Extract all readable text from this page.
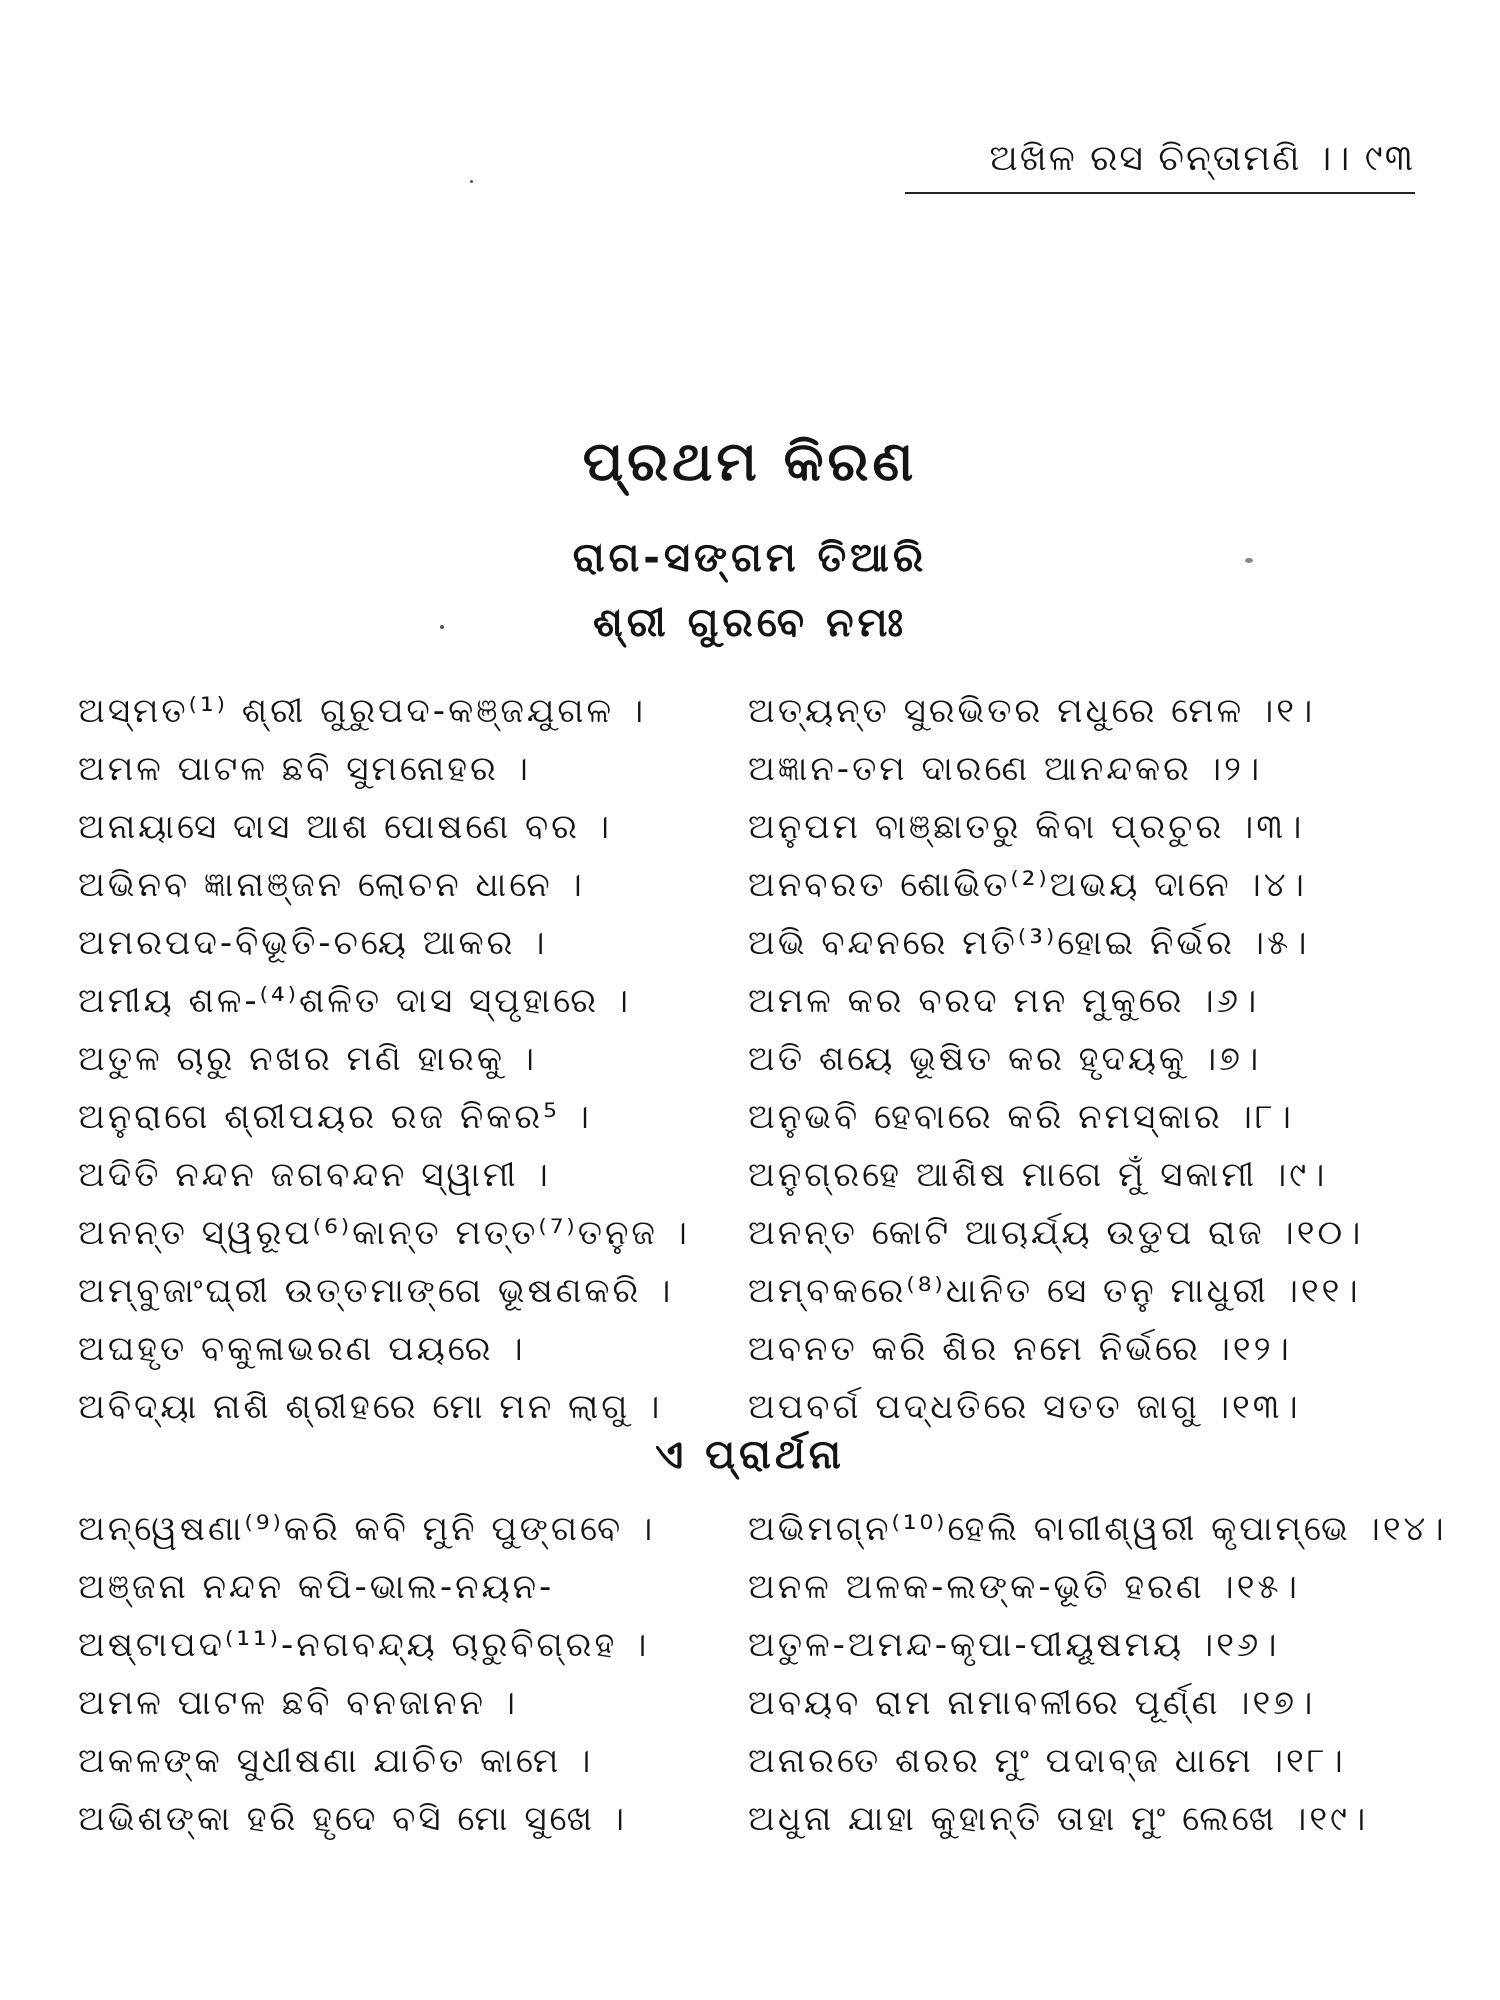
ଅଖିଳ ରସ ଚିନ୍ତାମଣି ।। ୯୩
ପ୍ରଥମ କିରଣ
ରାଗ-ସଙ୍ଗମ ତିଆରି
ଶ୍ରୀ ଗୁରବେ ନମଃ
ଅସ୍ମତ⁽¹⁾ ଶ୍ରୀ ଗୁରୁପଦ-କଞ୍ଜଯୁଗଳ ।	ଅତ୍ୟନ୍ତ ସୁରଭିତର ମଧୁରେ ମେଳ ।୧।
ଅମଳ ପାଟଳ ଛବି ସୁମନୋହର ।	ଅଜ୍ଞାନ-ତମ ଦାରଣେ ଆନନ୍ଦକର ।୨।
ଅନାୟାସେ ଦାସ ଆଶ ପୋଷଣେ ବର ।	ଅନୁପମ ବାଞ୍ଛାତରୁ କିବା ପ୍ରଚୁର ।୩।
ଅଭିନବ ଜ୍ଞାନାଞ୍ଜନ ଲୋଚନ ଧାନେ ।	ଅନବରତ ଶୋଭିତ⁽²⁾ଅଭୟ ଦାନେ ।୪।
ଅମରପଦ-ବିଭୂତି-ଚୟେ ଆକର ।	ଅଭି ବନ୍ଦନରେ ମତି⁽³⁾ହୋଇ ନିର୍ଭର ।୫।
ଅମୀୟ ଶଳ-⁽⁴⁾ଶଳିତ ଦାସ ସ୍ପୃହାରେ ।	ଅମଳ କର ବରଦ ମନ ମୁକୁରେ ।୬।
ଅତୁଳ ଚାରୁ ନଖର ମଣି ହାରକୁ ।	ଅତି ଶୟେ ଭୂଷିତ କର ହୃଦୟକୁ ।୭।
ଅନୁରାଗେ ଶ୍ରୀପୟର ରଜ ନିକର⁵ ।	ଅନୁଭବି ହେବାରେ କରି ନମସ୍କାର ।୮।
ଅଦିତି ନନ୍ଦନ ଜଗବନ୍ଦନ ସ୍ୱାମୀ ।	ଅନୁଗ୍ରହେ ଆଶିଷ ମାଗେ ମୁଁ ସକାମୀ ।୯।
ଅନନ୍ତ ସ୍ୱରୂପ⁽⁶⁾କାନ୍ତ ମତ୍ତ⁽⁷⁾ତନୁଜ । ଅନନ୍ତ କୋଟି ଆଚାର୍ଯ୍ୟ ଉଡୁପ ରାଜ ।୧୦।
ଅମ୍ବୁଜାଂଘ୍ରୀ ଉତ୍ତମାଙ୍ଗେ ଭୂଷଣକରି । ଅମ୍ବକରେ⁽⁸⁾ଧାନିତ ସେ ତନୁ ମାଧୁରୀ ।୧୧।
ଅଘହୃତ ବକୁଳାଭରଣ ପୟରେ ।	ଅବନତ କରି ଶିର ନମେ ନିର୍ଭରେ ।୧୨।
ଅବିଦ୍ୟା ନାଶି ଶ୍ରୀହରେ ମୋ ମନ ଲାଗୁ ।	ଅପବର୍ଗ ପଦ୍ଧତିରେ ସତତ ଜାଗୁ ।୧୩।
ଏ ପ୍ରାର୍ଥନା
ଅନ୍ୱେଷଣା⁽⁹⁾କରି କବି ମୁନି ପୁଙ୍ଗବେ ।	ଅଭିମଗ୍ନ⁽¹⁰⁾ହେଲି ବାଗୀଶ୍ୱରୀ କୃପାମ୍ଭେ ।୧୪।
ଅଞ୍ଜନା ନନ୍ଦନ କପି-ଭାଲ-ନୟନ-	ଅନଳ ଅଳକ-ଲଙ୍କ-ଭୂତି ହରଣ ।୧୫।
ଅଷ୍ଟାପଦ⁽¹¹⁾-ନଗବନ୍ଦ୍ୟ ଚାରୁବିଗ୍ରହ ।	ଅତୁଳ-ଅମନ୍ଦ-କୃପା-ପୀୟୂଷମୟ ।୧୬।
ଅମଳ ପାଟଳ ଛବି ବନଜାନନ ।	ଅବୟବ ରାମ ନାମାବଳୀରେ ପୂର୍ଣ୍ଣ ।୧୭।
ଅକଳଙ୍କ ସୁଧୀଷଣା ଯାଚିତ କାମେ ।	ଅନାରତେ ଶରର ମୁଂ ପଦାବ୍ଜ ଧାମେ ।୧୮।
ଅଭିଶଙ୍କା ହରି ହୃଦେ ବସି ମୋ ସୁଖେ ।	ଅଧୁନା ଯାହା କୁହାନ୍ତି ତାହା ମୁଂ ଲେଖେ ।୧୯।
